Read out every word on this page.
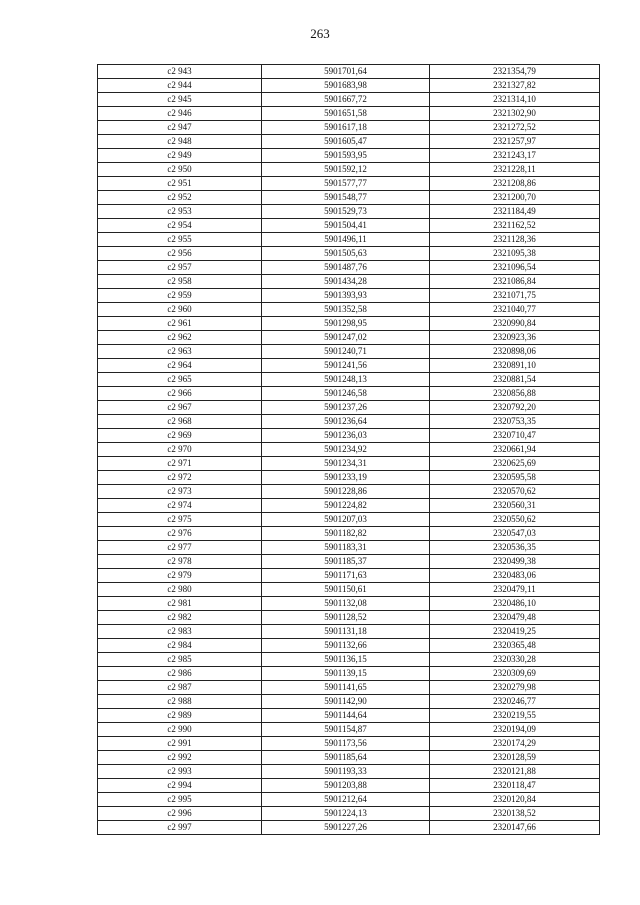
263
c2 943	5901701,64	2321354,79
c2 944	5901683,98	2321327,82
c2 945	5901667,72	2321314,10
c2 946	5901651,58	2321302,90
c2 947	5901617,18	2321272,52
c2 948	5901605,47	2321257,97
c2 949	5901593,95	2321243,17
c2 950	5901592,12	2321228,11
c2 951	5901577,77	2321208,86
c2 952	5901548,77	2321200,70
c2 953	5901529,73	2321184,49
c2 954	5901504,41	2321162,52
c2 955	5901496,11	2321128,36
c2 956	5901505,63	2321095,38
c2 957	5901487,76	2321096,54
c2 958	5901434,28	2321086,84
c2 959	5901393,93	2321071,75
c2 960	5901352,58	2321040,77
c2 961	5901298,95	2320990,84
c2 962	5901247,02	2320923,36
c2 963	5901240,71	2320898,06
c2 964	5901241,56	2320891,10
c2 965	5901248,13	2320881,54
c2 966	5901246,58	2320856,88
c2 967	5901237,26	2320792,20
c2 968	5901236,64	2320753,35
c2 969	5901236,03	2320710,47
c2 970	5901234,92	2320661,94
c2 971	5901234,31	2320625,69
c2 972	5901233,19	2320595,58
c2 973	5901228,86	2320570,62
c2 974	5901224,82	2320560,31
c2 975	5901207,03	2320550,62
c2 976	5901182,82	2320547,03
c2 977	5901183,31	2320536,35
c2 978	5901185,37	2320499,38
c2 979	5901171,63	2320483,06
c2 980	5901150,61	2320479,11
c2 981	5901132,08	2320486,10
c2 982	5901128,52	2320479,48
c2 983	5901131,18	2320419,25
c2 984	5901132,66	2320365,48
c2 985	5901136,15	2320330,28
c2 986	5901139,15	2320309,69
c2 987	5901141,65	2320279,98
c2 988	5901142,90	2320246,77
c2 989	5901144,64	2320219,55
c2 990	5901154,87	2320194,09
c2 991	5901173,56	2320174,29
c2 992	5901185,64	2320128,59
c2 993	5901193,33	2320121,88
c2 994	5901203,88	2320118,47
c2 995	5901212,64	2320120,84
c2 996	5901224,13	2320138,52
c2 997	5901227,26	2320147,66
